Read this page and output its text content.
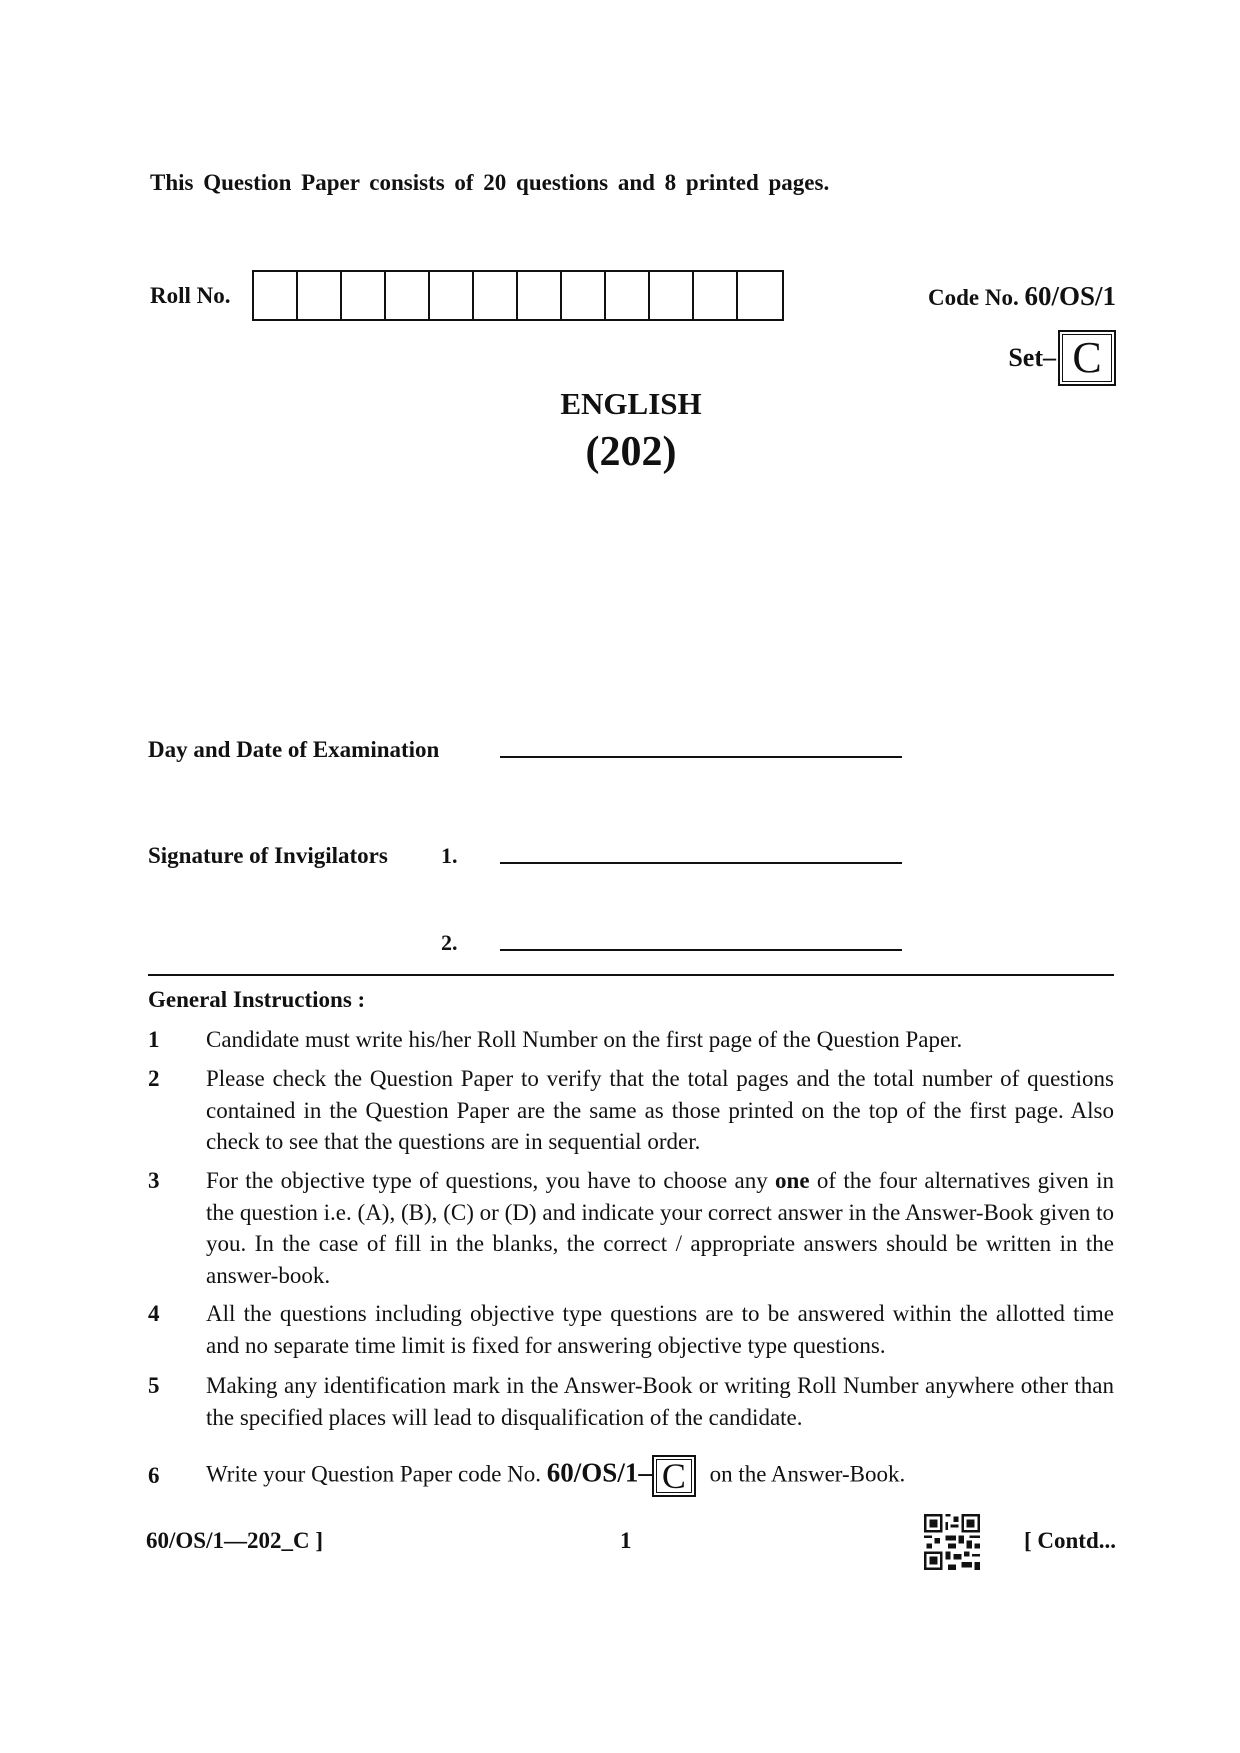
This Question Paper consists of 20 questions and 8 printed pages.
Roll No.	Code No. 60/OS/1
Set– C
ENGLISH
(202)
Day and Date of Examination
Signature of Invigilators 1.
2.
General Instructions :
1	Candidate must write his/her Roll Number on the first page of the Question Paper.
2	Please check the Question Paper to verify that the total pages and the total number of questions contained in the Question Paper are the same as those printed on the top of the first page. Also check to see that the questions are in sequential order.
3	For the objective type of questions, you have to choose any one of the four alternatives given in the question i.e. (A), (B), (C) or (D) and indicate your correct answer in the Answer-Book given to you. In the case of fill in the blanks, the correct / appropriate answers should be written in the answer-book.
4	All the questions including objective type questions are to be answered within the allotted time and no separate time limit is fixed for answering objective type questions.
5	Making any identification mark in the Answer-Book or writing Roll Number anywhere other than the specified places will lead to disqualification of the candidate.
6	Write your Question Paper code No. 60/OS/1– C on the Answer-Book.
60/OS/1—202_C ]	1	[ Contd...
